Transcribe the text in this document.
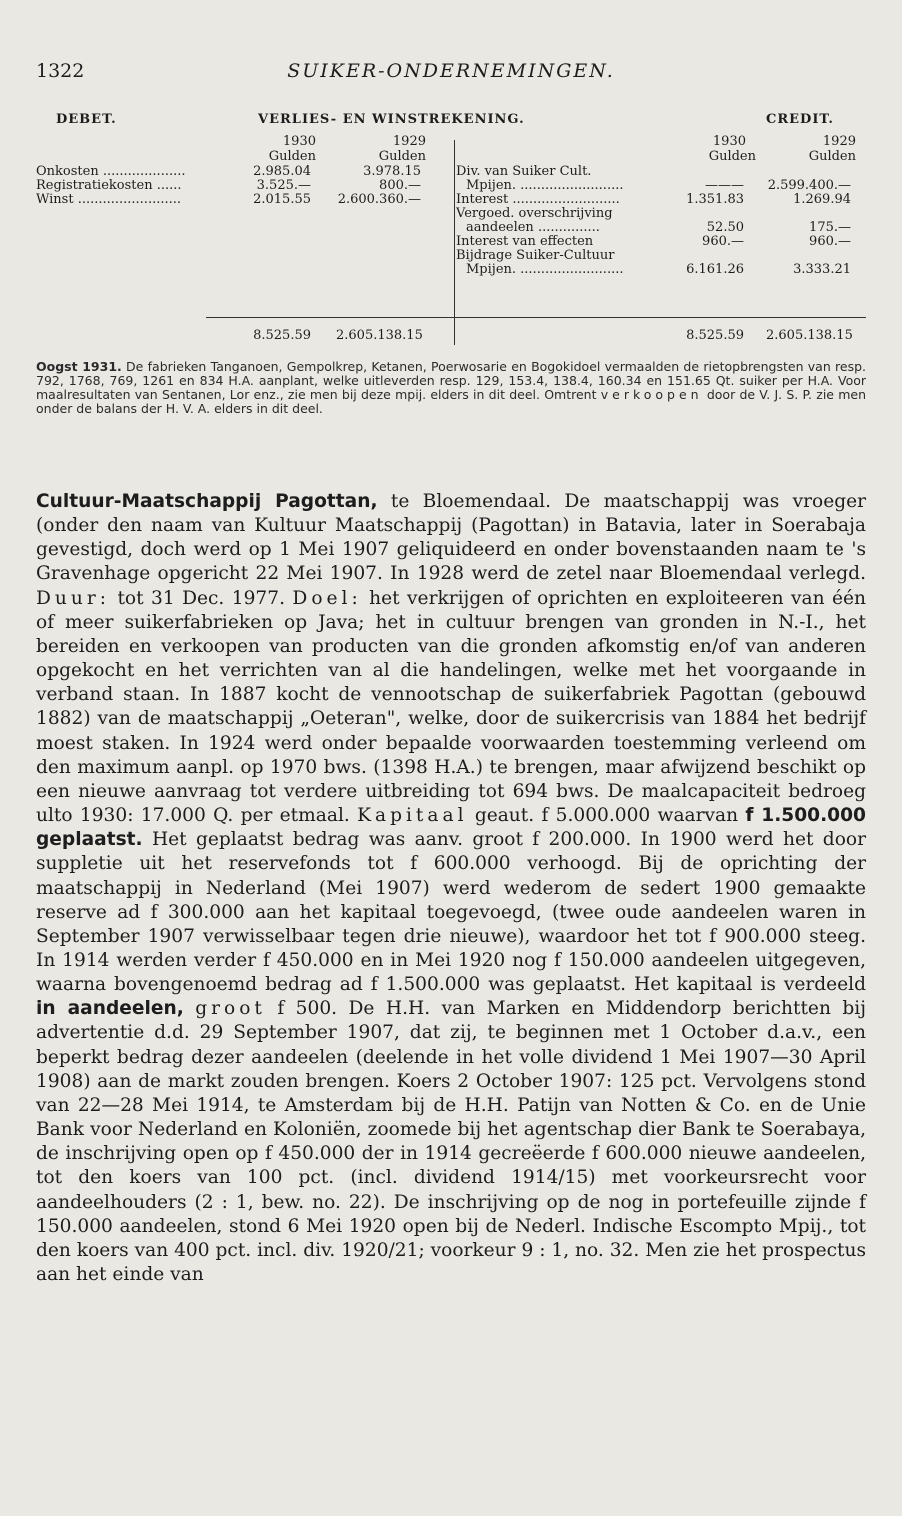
1322	SUIKER-ONDERNEMINGEN.
DEBET.	VERLIES- EN WINSTREKENING.	CREDIT.
1930	1929
Gulden	Gulden
1930	1929
Gulden	Gulden
Onkosten ....................	2.985.04	3.978.15
Registratiekosten ......	3.525.—	800.—
Winst .........................	2.015.55 2.600.360.—
Div. van Suiker Cult.
Mpijen. .........................	——— 2.599.400.—
Interest ..........................	1.351.83	1.269.94
Vergoed. overschrijving
aandeelen ...............	52.50	175.—
Interest van effecten	960.—	960.—
Bijdrage Suiker-Cultuur
Mpijen. .........................	6.161.26	3.333.21
8.525.59 2.605.138.15	8.525.59 2.605.138.15
Oogst 1931. De fabrieken Tanganoen, Gempolkrep, Ketanen, Poerwosarie en Bogokidoel vermaalden de rietopbrengsten van resp. 792, 1768, 769, 1261 en 834 H.A. aanplant, welke uitleverden resp. 129, 153.4, 138.4, 160.34 en 151.65 Qt. suiker per H.A. Voor maalresultaten van Sentanen, Lor enz., zie men bij deze mpij. elders in dit deel. Omtrent verkoopen door de V. J. S. P. zie men onder de balans der H. V. A. elders in dit deel.
Cultuur-Maatschappij Pagottan, te Bloemendaal. De maatschappij was vroeger (onder den naam van Kultuur Maatschappij (Pagottan) in Batavia, later in Soerabaja gevestigd, doch werd op 1 Mei 1907 geliquideerd en onder bovenstaanden naam te 's Gravenhage opgericht 22 Mei 1907. In 1928 werd de zetel naar Bloemendaal verlegd. Duur: tot 31 Dec. 1977. Doel: het verkrijgen of oprichten en exploiteeren van één of meer suikerfabrieken op Java; het in cultuur brengen van gronden in N.-I., het bereiden en verkoopen van producten van die gronden afkomstig en/of van anderen opgekocht en het verrichten van al die handelingen, welke met het voorgaande in verband staan. In 1887 kocht de vennootschap de suikerfabriek Pagottan (gebouwd 1882) van de maatschappij „Oeteran", welke, door de suikercrisis van 1884 het bedrijf moest staken. In 1924 werd onder bepaalde voorwaarden toestemming verleend om den maximum aanpl. op 1970 bws. (1398 H.A.) te brengen, maar afwijzend beschikt op een nieuwe aanvraag tot verdere uitbreiding tot 694 bws. De maalcapaciteit bedroeg ulto 1930: 17.000 Q. per etmaal. Kapitaal geaut. f 5.000.000 waarvan f 1.500.000 geplaatst. Het geplaatst bedrag was aanv. groot f 200.000. In 1900 werd het door suppletie uit het reservefonds tot f 600.000 verhoogd. Bij de oprichting der maatschappij in Nederland (Mei 1907) werd wederom de sedert 1900 gemaakte reserve ad f 300.000 aan het kapitaal toegevoegd, (twee oude aandeelen waren in September 1907 verwisselbaar tegen drie nieuwe), waardoor het tot f 900.000 steeg. In 1914 werden verder f 450.000 en in Mei 1920 nog f 150.000 aandeelen uitgegeven, waarna bovengenoemd bedrag ad f 1.500.000 was geplaatst. Het kapitaal is verdeeld in aandeelen, groot f 500. De H.H. van Marken en Middendorp berichtten bij advertentie d.d. 29 September 1907, dat zij, te beginnen met 1 October d.a.v., een beperkt bedrag dezer aandeelen (deelende in het volle dividend 1 Mei 1907—30 April 1908) aan de markt zouden brengen. Koers 2 October 1907: 125 pct. Vervolgens stond van 22—28 Mei 1914, te Amsterdam bij de H.H. Patijn van Notten & Co. en de Unie Bank voor Nederland en Koloniën, zoomede bij het agentschap dier Bank te Soerabaya, de inschrijving open op f 450.000 der in 1914 gecreëerde f 600.000 nieuwe aandeelen, tot den koers van 100 pct. (incl. dividend 1914/15) met voorkeursrecht voor aandeelhouders (2 : 1, bew. no. 22). De inschrijving op de nog in portefeuille zijnde f 150.000 aandeelen, stond 6 Mei 1920 open bij de Nederl. Indische Escompto Mpij., tot den koers van 400 pct. incl. div. 1920/21; voorkeur 9 : 1, no. 32. Men zie het prospectus aan het einde van
